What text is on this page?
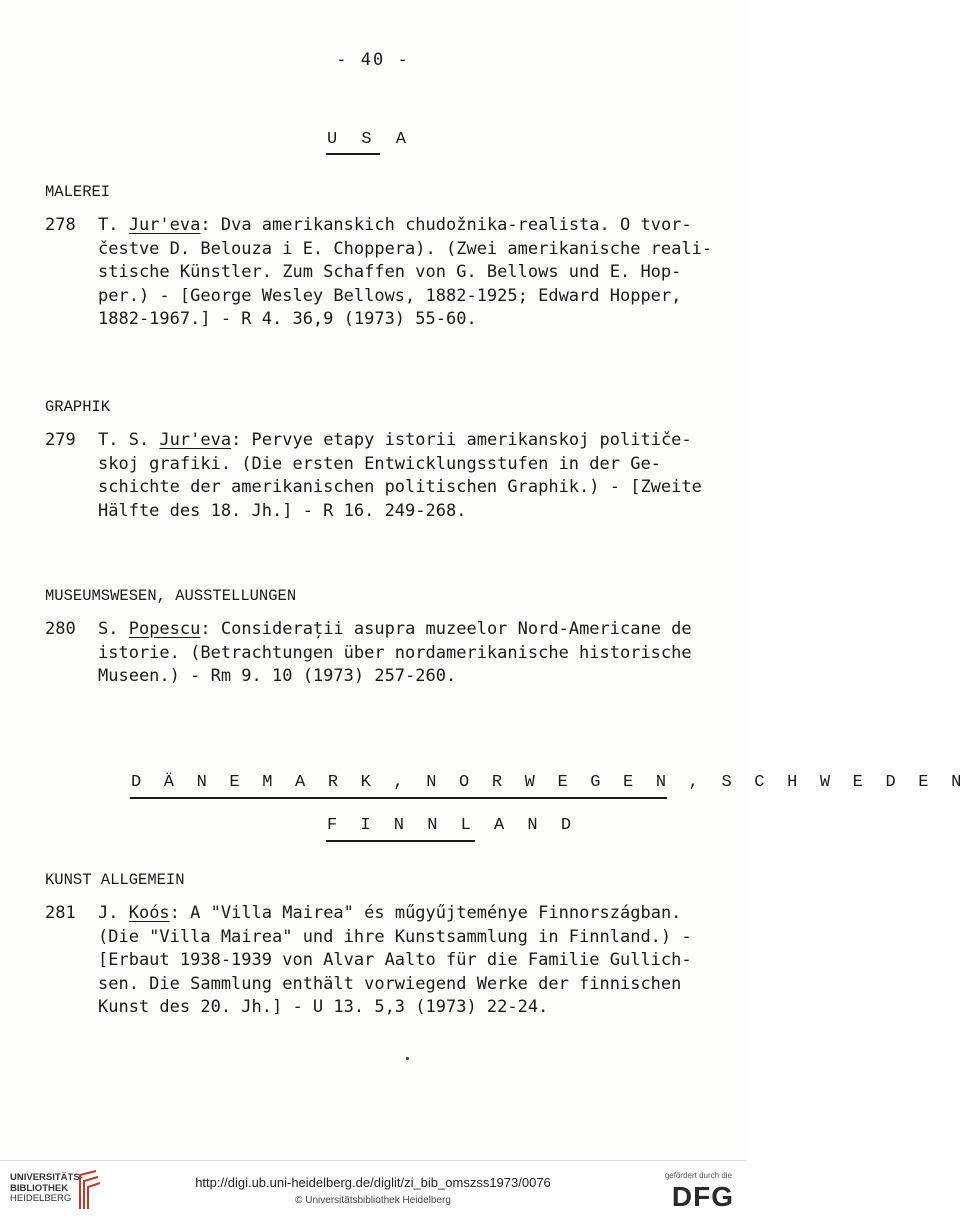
- 40 -
U S A
MALEREI
278 T. Jur'eva: Dva amerikanskich chudožnika-realista. O tvor-
čestve D. Belouza i E. Choppera). (Zwei amerikanische reali-
stische Künstler. Zum Schaffen von G. Bellows und E. Hop-
per.) - [George Wesley Bellows, 1882-1925; Edward Hopper,
1882-1967.] - R 4. 36,9 (1973) 55-60.
GRAPHIK
279 T. S. Jur'eva: Pervye etapy istorii amerikanskoj političe-
skoj grafiki. (Die ersten Entwicklungsstufen in der Ge-
schichte der amerikanischen politischen Graphik.) - [Zweite
Hälfte des 18. Jh.] - R 16. 249-268.
MUSEUMSWESEN, AUSSTELLUNGEN
280 S. Popescu: Considerații asupra muzeelor Nord-Americane de
istorie. (Betrachtungen über nordamerikanische historische
Museen.) - Rm 9. 10 (1973) 257-260.
D Ä N E M A R K , N O R W E G E N , S C H W E D E N
F I N N L A N D
KUNST ALLGEMEIN
281 J. Koós: A "Villa Mairea" és műgyűjteménye Finnországban.
(Die "Villa Mairea" und ihre Kunstsammlung in Finnland.) -
[Erbaut 1938-1939 von Alvar Aalto für die Familie Gullich-
sen. Die Sammlung enthält vorwiegend Werke der finnischen
Kunst des 20. Jh.] - U 13. 5,3 (1973) 22-24.
UNIVERSITÄTS-
BIBLIOTHEK
HEIDELBERG
http://digi.ub.uni-heidelberg.de/diglit/zi_bib_omszss1973/0076
© Universitätsbibliothek Heidelberg
gefördert durch die
DFG
